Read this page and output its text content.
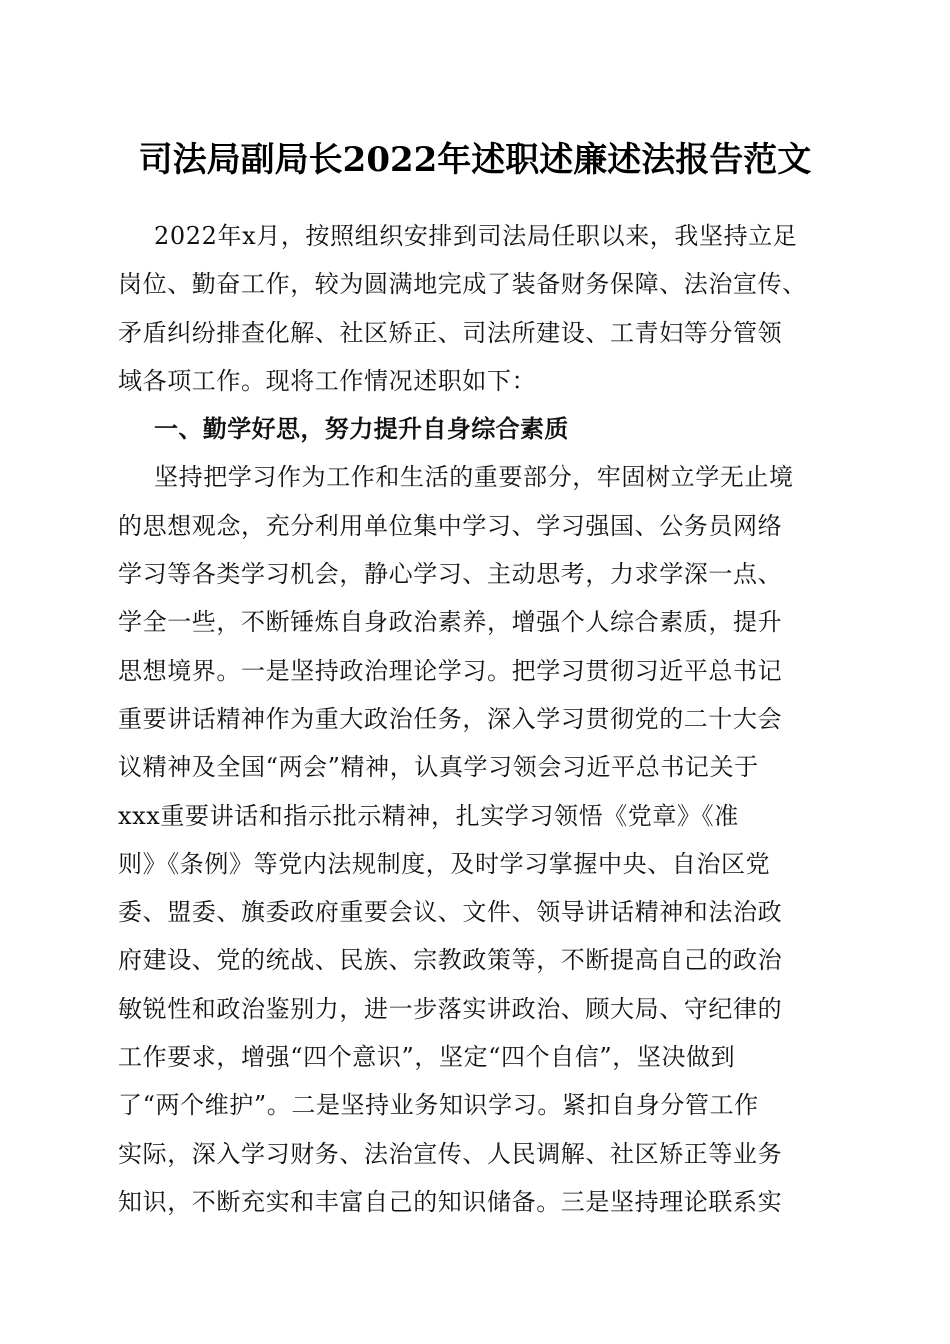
司法局副局长2022年述职述廉述法报告范文
2022年x月，按照组织安排到司法局任职以来，我坚持立足
岗位、勤奋工作，较为圆满地完成了装备财务保障、法治宣传、
矛盾纠纷排查化解、社区矫正、司法所建设、工青妇等分管领
域各项工作。现将工作情况述职如下：
一、勤学好思，努力提升自身综合素质
坚持把学习作为工作和生活的重要部分，牢固树立学无止境
的思想观念，充分利用单位集中学习、学习强国、公务员网络
学习等各类学习机会，静心学习、主动思考，力求学深一点、
学全一些，不断锤炼自身政治素养，增强个人综合素质，提升
思想境界。一是坚持政治理论学习。把学习贯彻习近平总书记
重要讲话精神作为重大政治任务，深入学习贯彻党的二十大会
议精神及全国“两会”精神，认真学习领会习近平总书记关于
xxx重要讲话和指示批示精神，扎实学习领悟《党章》《准
则》《条例》等党内法规制度，及时学习掌握中央、自治区党
委、盟委、旗委政府重要会议、文件、领导讲话精神和法治政
府建设、党的统战、民族、宗教政策等，不断提高自己的政治
敏锐性和政治鉴别力，进一步落实讲政治、顾大局、守纪律的
工作要求，增强“四个意识”，坚定“四个自信”，坚决做到
了“两个维护”。二是坚持业务知识学习。紧扣自身分管工作
实际，深入学习财务、法治宣传、人民调解、社区矫正等业务
知识，不断充实和丰富自己的知识储备。三是坚持理论联系实
